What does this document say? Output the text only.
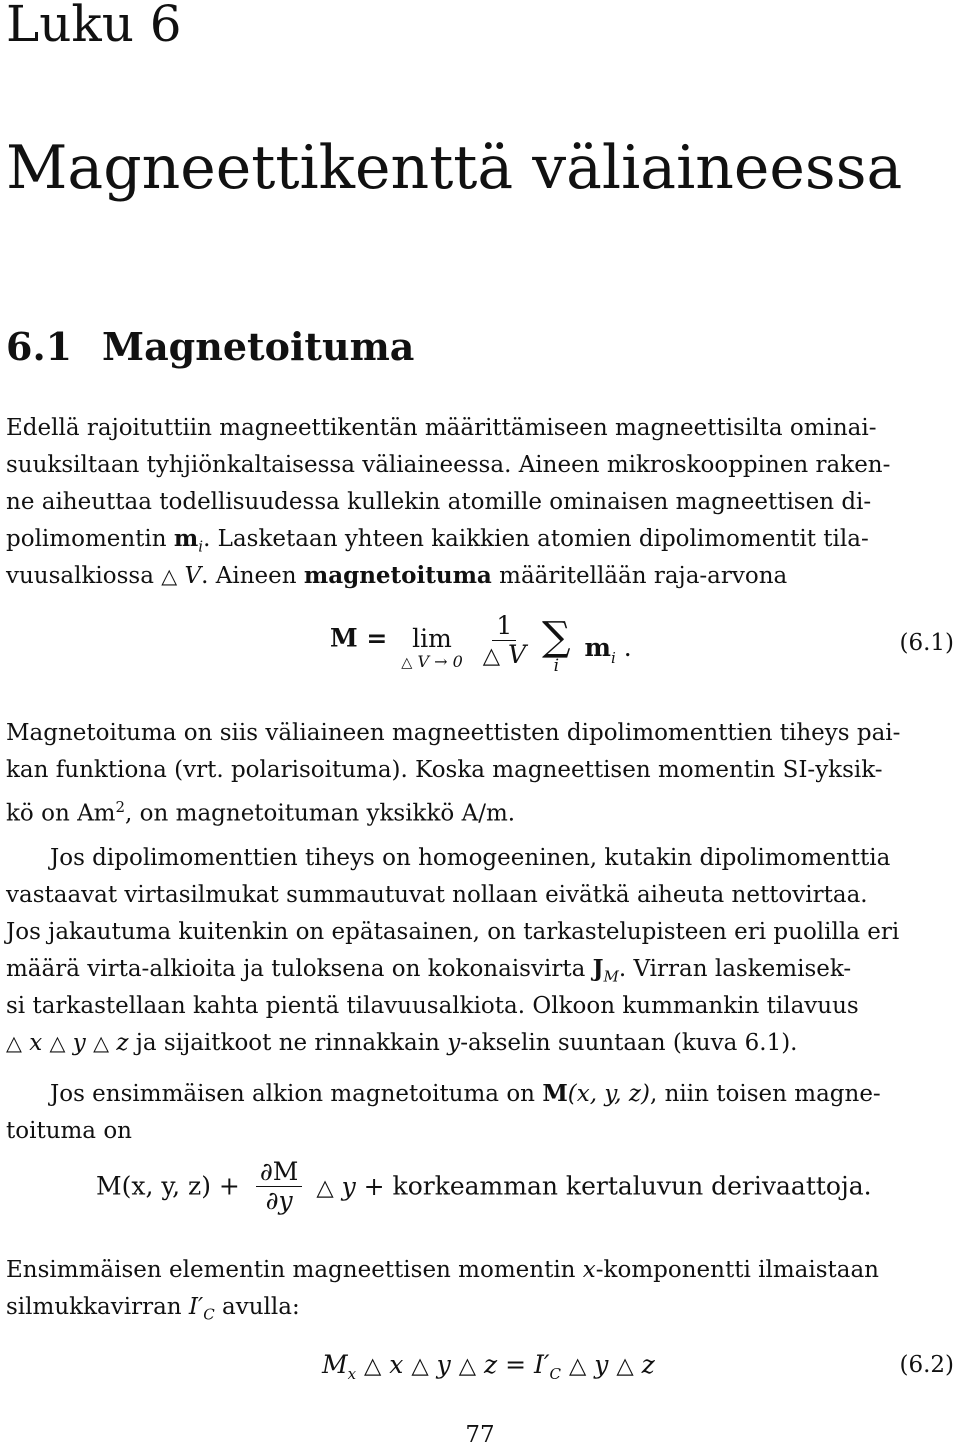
Luku 6
Magneettikenttä väliaineessa
6.1 Magnetoituma
Edellä rajoituttiin magneettikentän määrittämiseen magneettisilta ominai-
suuksiltaan tyhjiönkaltaisessa väliaineessa. Aineen mikroskooppinen raken-
ne aiheuttaa todellisuudessa kullekin atomille ominaisen magneettisen di-
polimomentin $m_i$. Lasketaan yhteen kaikkien atomien dipolimomentit tila-
vuusalkiossa △ V. Aineen magnetoituma määritellään raja-arvona
M = lim
△ V → 0
$\frac{1}{\triangle V}$
∑
i
$m_i$ .	(6.1)
Magnetoituma on siis väliaineen magneettisten dipolimomenttien tiheys pai-
kan funktiona (vrt. polarisoituma). Koska magneettisen momentin SI-yksik-
kö on Am$^2$, on magnetoituman yksikkö A/m.
Jos dipolimomenttien tiheys on homogeeninen, kutakin dipolimomenttia
vastaavat virtasilmukat summautuvat nollaan eivätkä aiheuta nettovirtaa.
Jos jakautuma kuitenkin on epätasainen, on tarkastelupisteen eri puolilla eri
määrä virta-alkioita ja tuloksena on kokonaisvirta $J_M$. Virran laskemisek-
si tarkastellaan kahta pientä tilavuusalkiota. Olkoon kummankin tilavuus
△ x △ y △ z ja sijaitkoot ne rinnakkain y-akselin suuntaan (kuva 6.1).
Jos ensimmäisen alkion magnetoituma on M(x, y, z), niin toisen magne-
toituma on
M(x, y, $z) + \frac{\partial M}{\partial y}$ △ y + korkeamman kertaluvun derivaattoja.
Ensimmäisen elementin magneettisen momentin x-komponentti ilmaistaan
silmukkavirran $I'_C$ avulla:
$M_x$ △ x △ y △ $z = I'_C$ △ y △ z	(6.2)
77
